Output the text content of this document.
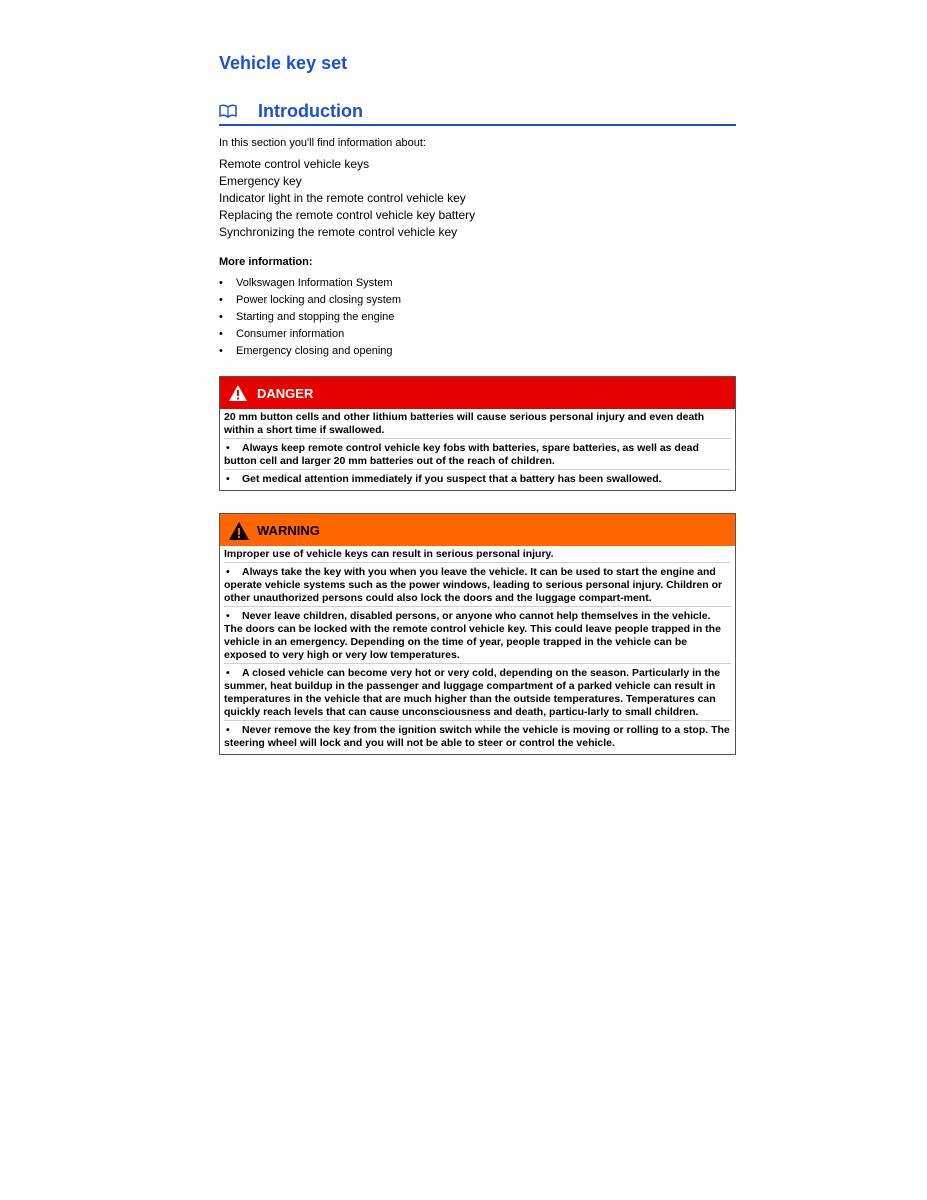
Vehicle key set
Introduction
In this section you'll find information about:
Remote control vehicle keys
Emergency key
Indicator light in the remote control vehicle key
Replacing the remote control vehicle key battery
Synchronizing the remote control vehicle key
More information:
•	Volkswagen Information System
•	Power locking and closing system
•	Starting and stopping the engine
•	Consumer information
•	Emergency closing and opening
DANGER
20 mm button cells and other lithium batteries will cause serious personal injury and even death within a short time if swallowed.
• Always keep remote control vehicle key fobs with batteries, spare batteries, as well as dead button cell and larger 20 mm batteries out of the reach of children.
• Get medical attention immediately if you suspect that a battery has been swallowed.
WARNING
Improper use of vehicle keys can result in serious personal injury.
• Always take the key with you when you leave the vehicle. It can be used to start the engine and operate vehicle systems such as the power windows, leading to serious personal injury. Children or other unauthorized persons could also lock the doors and the luggage compart-ment.
• Never leave children, disabled persons, or anyone who cannot help themselves in the vehicle. The doors can be locked with the remote control vehicle key. This could leave people trapped in the vehicle in an emergency. Depending on the time of year, people trapped in the vehicle can be exposed to very high or very low temperatures.
• A closed vehicle can become very hot or very cold, depending on the season. Particularly in the summer, heat buildup in the passenger and luggage compartment of a parked vehicle can result in temperatures in the vehicle that are much higher than the outside temperatures. Temperatures can quickly reach levels that can cause unconsciousness and death, particu-larly to small children.
• Never remove the key from the ignition switch while the vehicle is moving or rolling to a stop. The steering wheel will lock and you will not be able to steer or control the vehicle.
